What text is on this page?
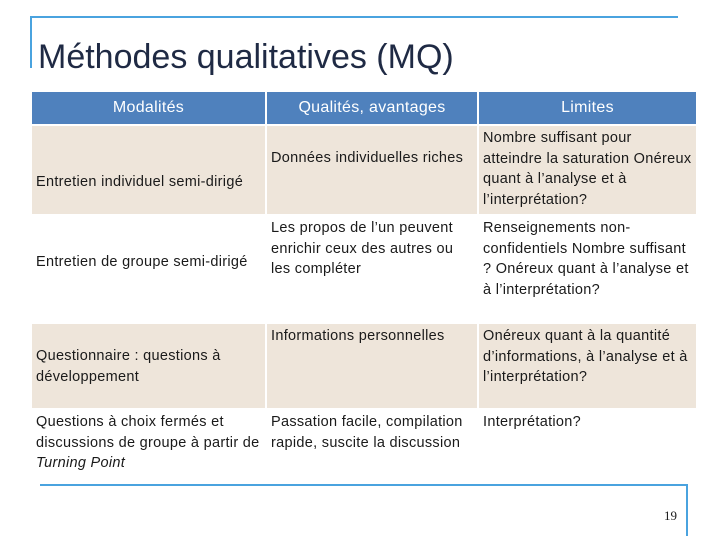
Méthodes qualitatives (MQ)
Modalités	Qualités, avantages	Limites

Entretien individuel semi-dirigé	Données individuelles riches	Nombre suffisant pour atteindre la saturation Onéreux quant à l’analyse et à l’interprétation?

Entretien de groupe semi-dirigé	Les propos de l’un peuvent enrichir ceux des autres ou les compléter	Renseignements non-confidentiels Nombre suffisant ? Onéreux quant à l’analyse et à l’interprétation?

Questionnaire : questions à développement	Informations personnelles	Onéreux quant à la quantité d’informations, à l’analyse et à l’interprétation?

Questions à choix fermés et discussions de groupe à partir de Turning Point	Passation facile, compilation rapide, suscite la discussion	Interprétation?
19
